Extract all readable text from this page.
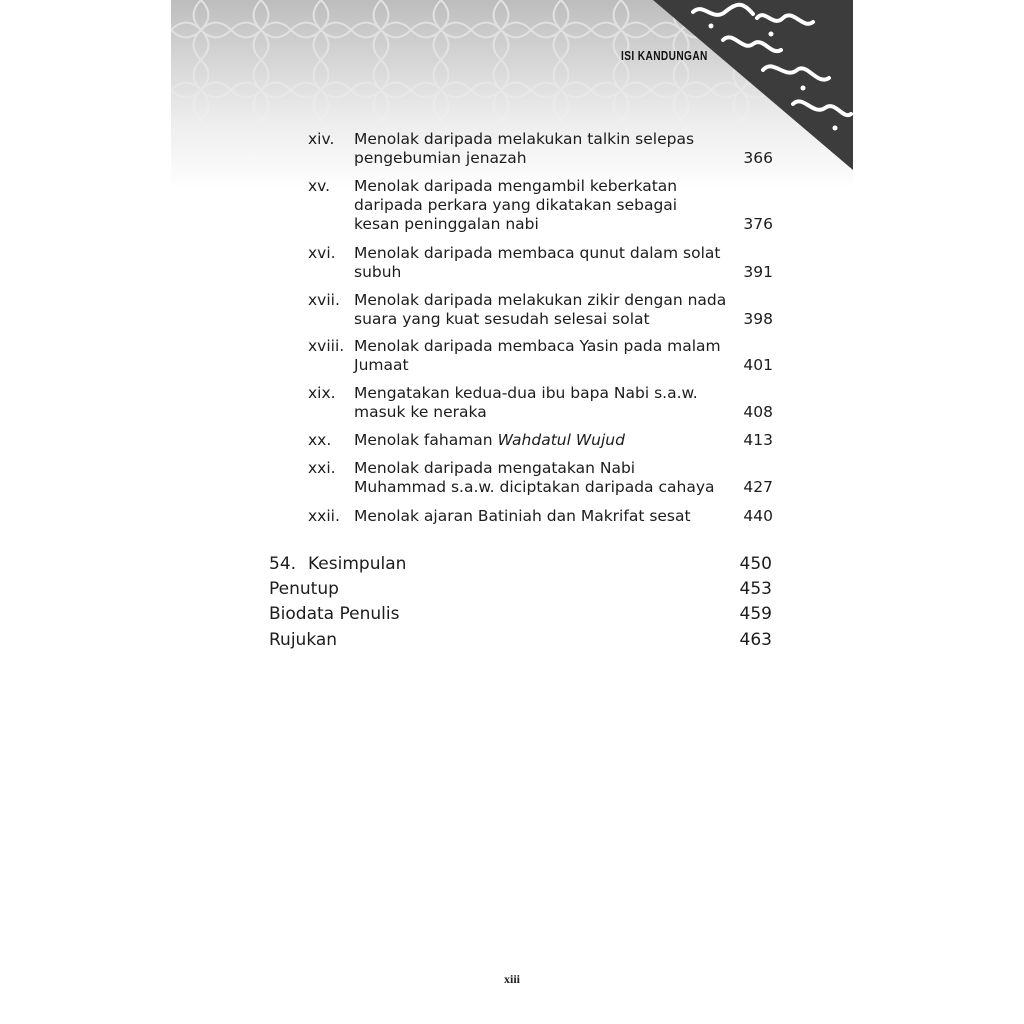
ISI KANDUNGAN
xiv. Menolak daripada melakukan talkin selepas
pengebumian jenazah	366
xv. Menolak daripada mengambil keberkatan
daripada perkara yang dikatakan sebagai
kesan peninggalan nabi	376
xvi. Menolak daripada membaca qunut dalam solat
subuh	391
xvii. Menolak daripada melakukan zikir dengan nada
suara yang kuat sesudah selesai solat	398
xviii. Menolak daripada membaca Yasin pada malam
Jumaat	401
xix. Mengatakan kedua-dua ibu bapa Nabi s.a.w.
masuk ke neraka	408
xx. Menolak fahaman Wahdatul Wujud	413
xxi. Menolak daripada mengatakan Nabi
Muhammad s.a.w. diciptakan daripada cahaya	427
xxii. Menolak ajaran Batiniah dan Makrifat sesat	440
54. Kesimpulan	450
Penutup	453
Biodata Penulis	459
Rujukan	463
xiii
